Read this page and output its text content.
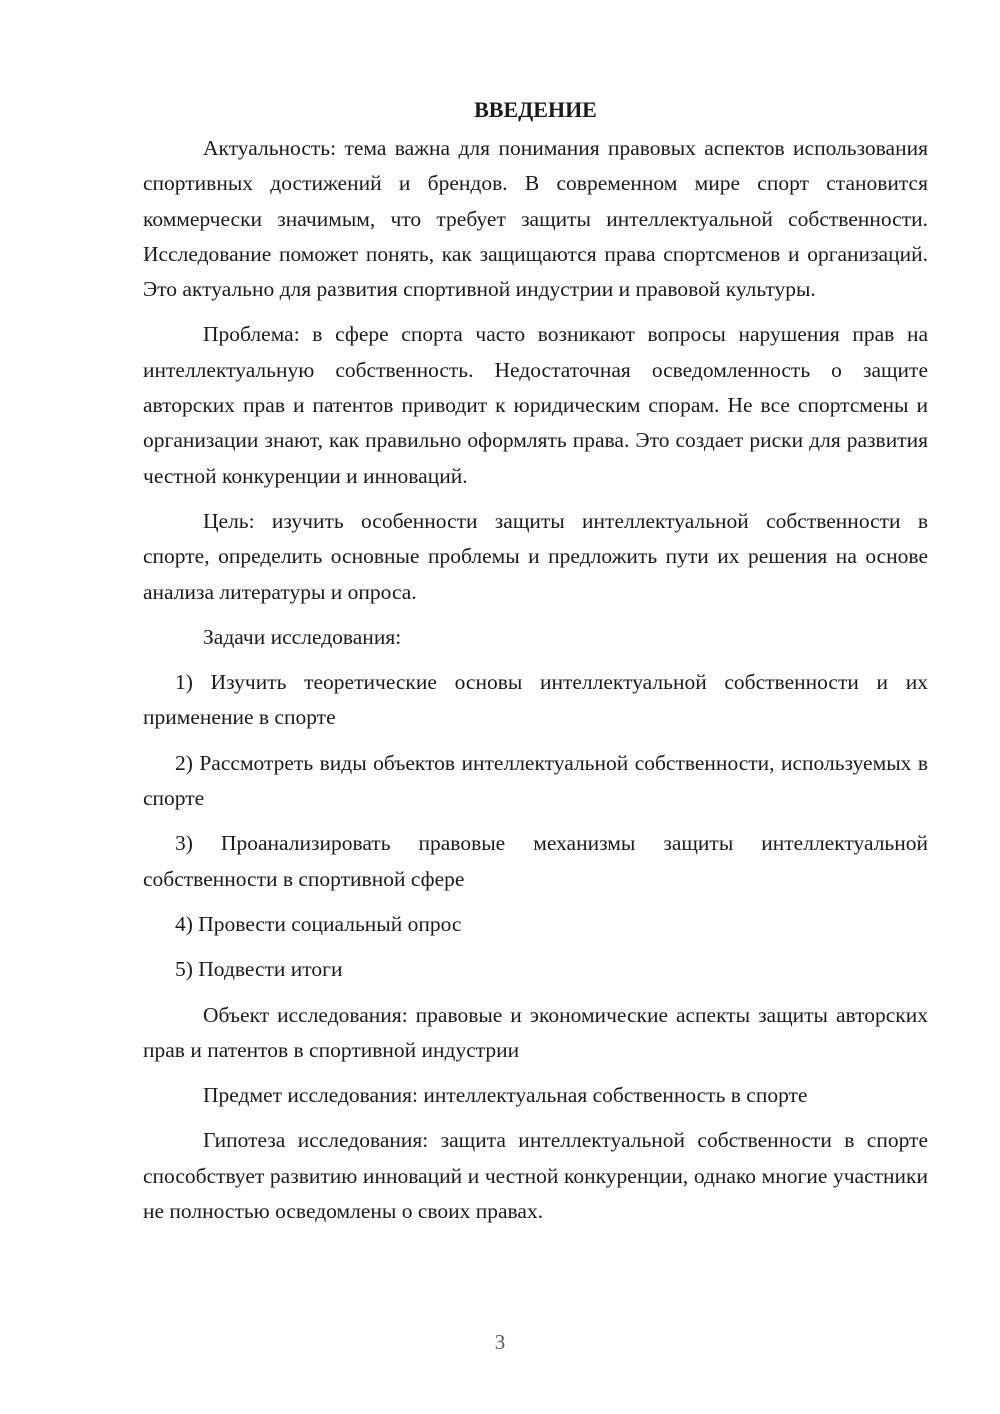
ВВЕДЕНИЕ

Актуальность: тема важна для понимания правовых аспектов использования спортивных достижений и брендов. В современном мире спорт становится коммерчески значимым, что требует защиты интеллектуальной собственности. Исследование поможет понять, как защищаются права спортсменов и организаций. Это актуально для развития спортивной индустрии и правовой культуры.

Проблема: в сфере спорта часто возникают вопросы нарушения прав на интеллектуальную собственность. Недостаточная осведомленность о защите авторских прав и патентов приводит к юридическим спорам. Не все спортсмены и организации знают, как правильно оформлять права. Это создает риски для развития честной конкуренции и инноваций.

Цель: изучить особенности защиты интеллектуальной собственности в спорте, определить основные проблемы и предложить пути их решения на основе анализа литературы и опроса.

Задачи исследования:

1) Изучить теоретические основы интеллектуальной собственности и их применение в спорте

2) Рассмотреть виды объектов интеллектуальной собственности, используемых в спорте

3) Проанализировать правовые механизмы защиты интеллектуальной собственности в спортивной сфере

4) Провести социальный опрос

5) Подвести итоги

Объект исследования: правовые и экономические аспекты защиты авторских прав и патентов в спортивной индустрии

Предмет исследования: интеллектуальная собственность в спорте

Гипотеза исследования: защита интеллектуальной собственности в спорте способствует развитию инноваций и честной конкуренции, однако многие участники не полностью осведомлены о своих правах.

3
